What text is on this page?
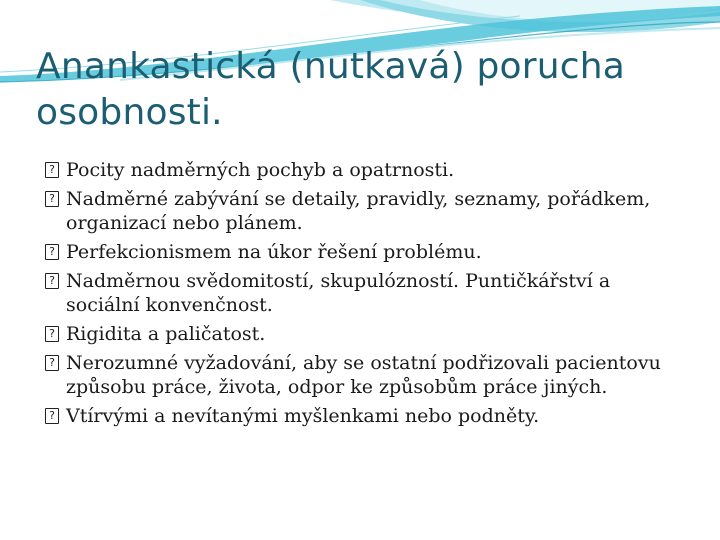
Anankastická (nutkavá) porucha osobnosti.
? Pocity nadměrných pochyb a opatrnosti.
? Nadměrné zabývání se detaily, pravidly, seznamy, pořádkem, organizací nebo plánem.
? Perfekcionismem na úkor řešení problému.
? Nadměrnou svědomitostí, skupulózností. Puntičkářství a sociální konvenčnost.
? Rigidita a paličatost.
? Nerozumné vyžadování, aby se ostatní podřizovali pacientovu způsobu práce, života, odpor ke způsobům práce jiných.
? Vtírvými a nevítanými myšlenkami nebo podněty.
